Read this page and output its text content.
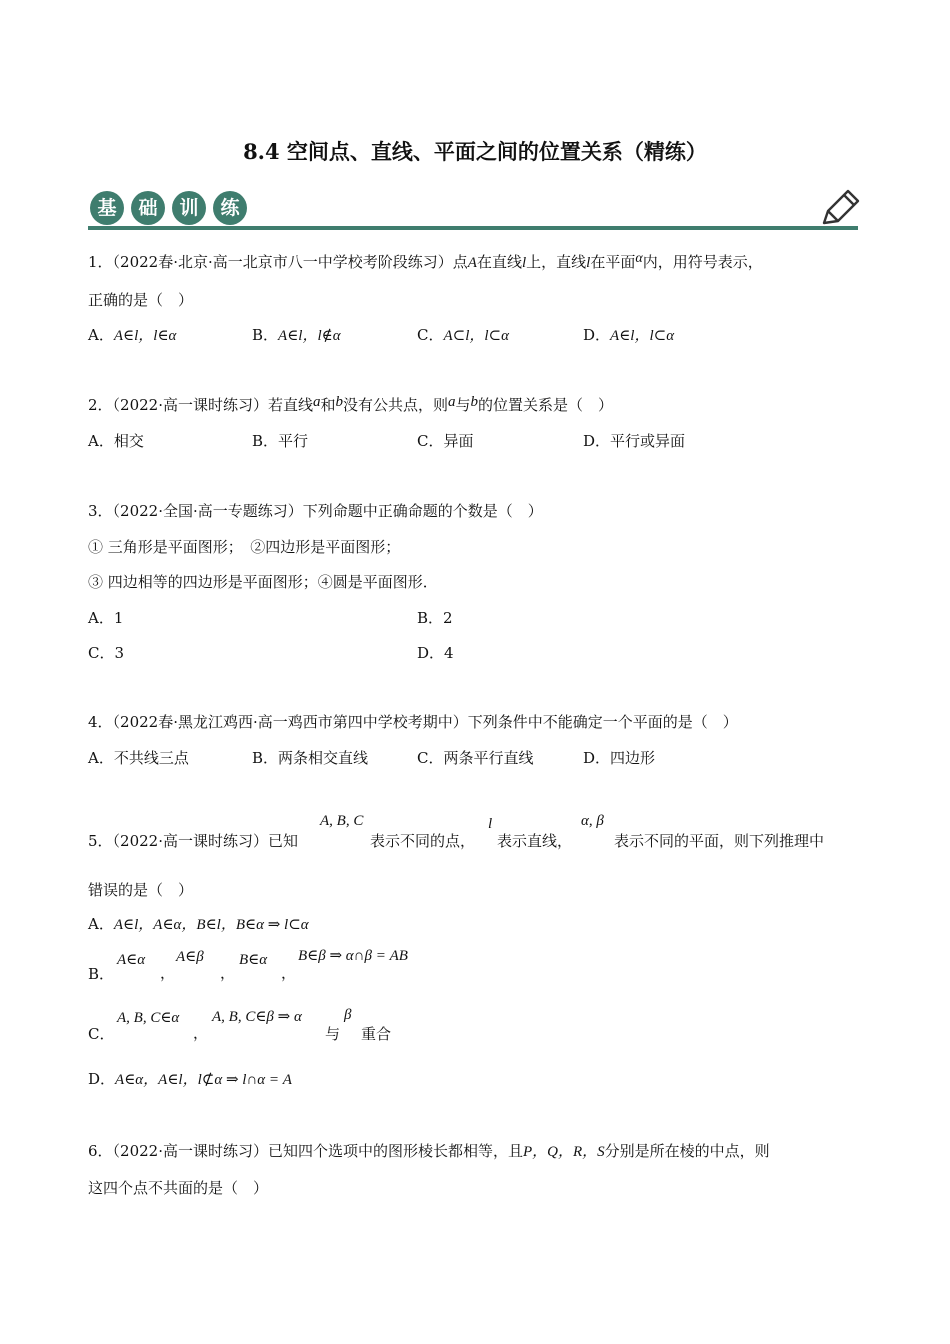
8.4 空间点、直线、平面之间的位置关系（精练）
基	础	训	练
1．（2022春·北京·高一北京市八一中学校考阶段练习）点A在直线l上，直线l在平面α内，用符号表示，
正确的是（　）
A．A∈l，l∈α	B．A∈l，l∉α	C．A⊂l，l⊂α	D．A∈l，l⊂α
2．（2022·高一课时练习）若直线a和b没有公共点，则a与b的位置关系是（　）
A．相交	B．平行	C．异面	D．平行或异面
3．（2022·全国·高一专题练习）下列命题中正确命题的个数是（　）
① 三角形是平面图形；　②四边形是平面图形；
③ 四边相等的四边形是平面图形；④圆是平面图形．
A．1	B．2
C．3	D．4
4．（2022春·黑龙江鸡西·高一鸡西市第四中学校考期中）下列条件中不能确定一个平面的是（　）
A．不共线三点	B．两条相交直线	C．两条平行直线	D．四边形
5．（2022·高一课时练习）已知
A, B, C
表示不同的点，
l
表示直线，
α, β
表示不同的平面，则下列推理中
错误的是（　）
A．A∈l，A∈α，B∈l，B∈α ⇒ l⊂α
B．
A∈α
，
A∈β
，
B∈α
，
B∈β ⇒ α∩β = AB
C．
A, B, C∈α
，
A, B, C∈β ⇒ α
与
β
重合
D．A∈α，A∈l，l⊄α ⇒ l∩α = A
6．（2022·高一课时练习）已知四个选项中的图形棱长都相等，且P，Q，R，S分别是所在棱的中点，则
这四个点不共面的是（　）
